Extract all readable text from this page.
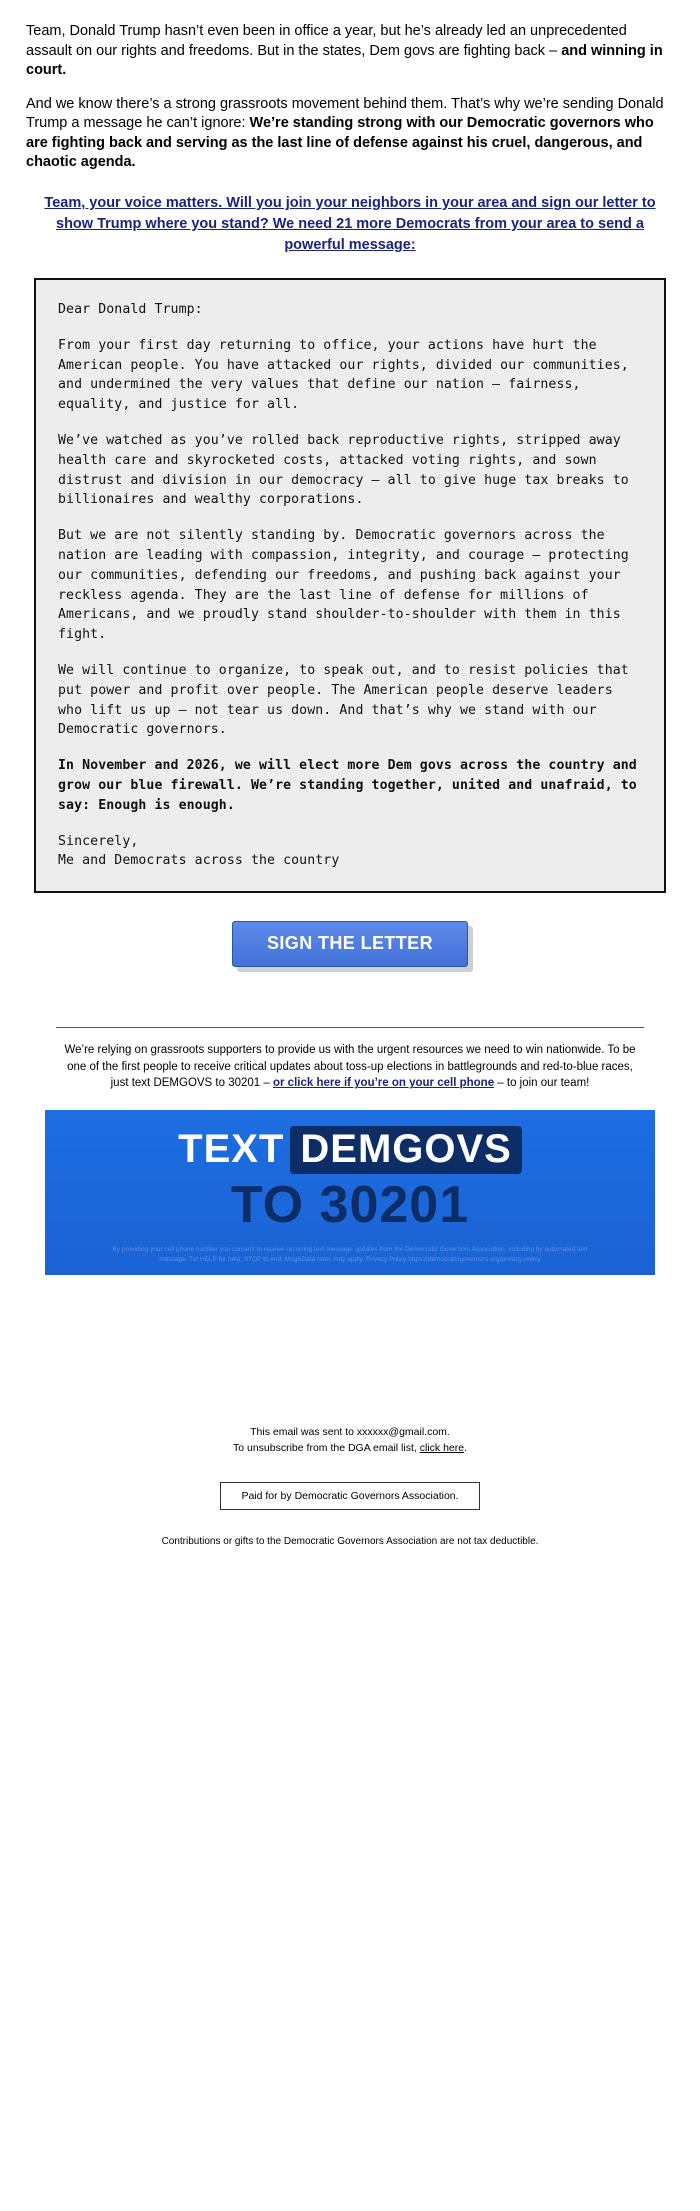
Team, Donald Trump hasn’t even been in office a year, but he’s already led an unprecedented assault on our rights and freedoms. But in the states, Dem govs are fighting back – and winning in court.

And we know there’s a strong grassroots movement behind them. That’s why we’re sending Donald Trump a message he can’t ignore: We’re standing strong with our Democratic governors who are fighting back and serving as the last line of defense against his cruel, dangerous, and chaotic agenda.

Team, your voice matters. Will you join your neighbors in your area and sign our letter to show Trump where you stand? We need 21 more Democrats from your area to send a powerful message:

Dear Donald Trump:

From your first day returning to office, your actions have hurt the American people. You have attacked our rights, divided our communities, and undermined the very values that define our nation – fairness, equality, and justice for all.

We’ve watched as you’ve rolled back reproductive rights, stripped away health care and skyrocketed costs, attacked voting rights, and sown distrust and division in our democracy – all to give huge tax breaks to billionaires and wealthy corporations.

But we are not silently standing by. Democratic governors across the nation are leading with compassion, integrity, and courage – protecting our communities, defending our freedoms, and pushing back against your reckless agenda. They are the last line of defense for millions of Americans, and we proudly stand shoulder-to-shoulder with them in this fight.

We will continue to organize, to speak out, and to resist policies that put power and profit over people. The American people deserve leaders who lift us up – not tear us down. And that’s why we stand with our Democratic governors.

In November and 2026, we will elect more Dem govs across the country and grow our blue firewall. We’re standing together, united and unafraid, to say: Enough is enough.

Sincerely,

Me and Democrats across the country

SIGN THE LETTER

We’re relying on grassroots supporters to provide us with the urgent resources we need to win nationwide. To be one of the first people to receive critical updates about toss-up elections in battlegrounds and red-to-blue races, just text DEMGOVS to 30201 – or click here if you’re on your cell phone – to join our team!

TEXT DEMGOVS
TO 30201
By providing your cell phone number you consent to receive recurring text message updates from the Democratic Governors Association, including by automated text message. Txt HELP for help, STOP to end. Msg&Data rates may apply. Privacy Policy https://democraticgovernors.org/privacy-policy
This email was sent to xxxxxx@gmail.com.
To unsubscribe from the DGA email list, click here.
Paid for by Democratic Governors Association.
Contributions or gifts to the Democratic Governors Association are not tax deductible.
